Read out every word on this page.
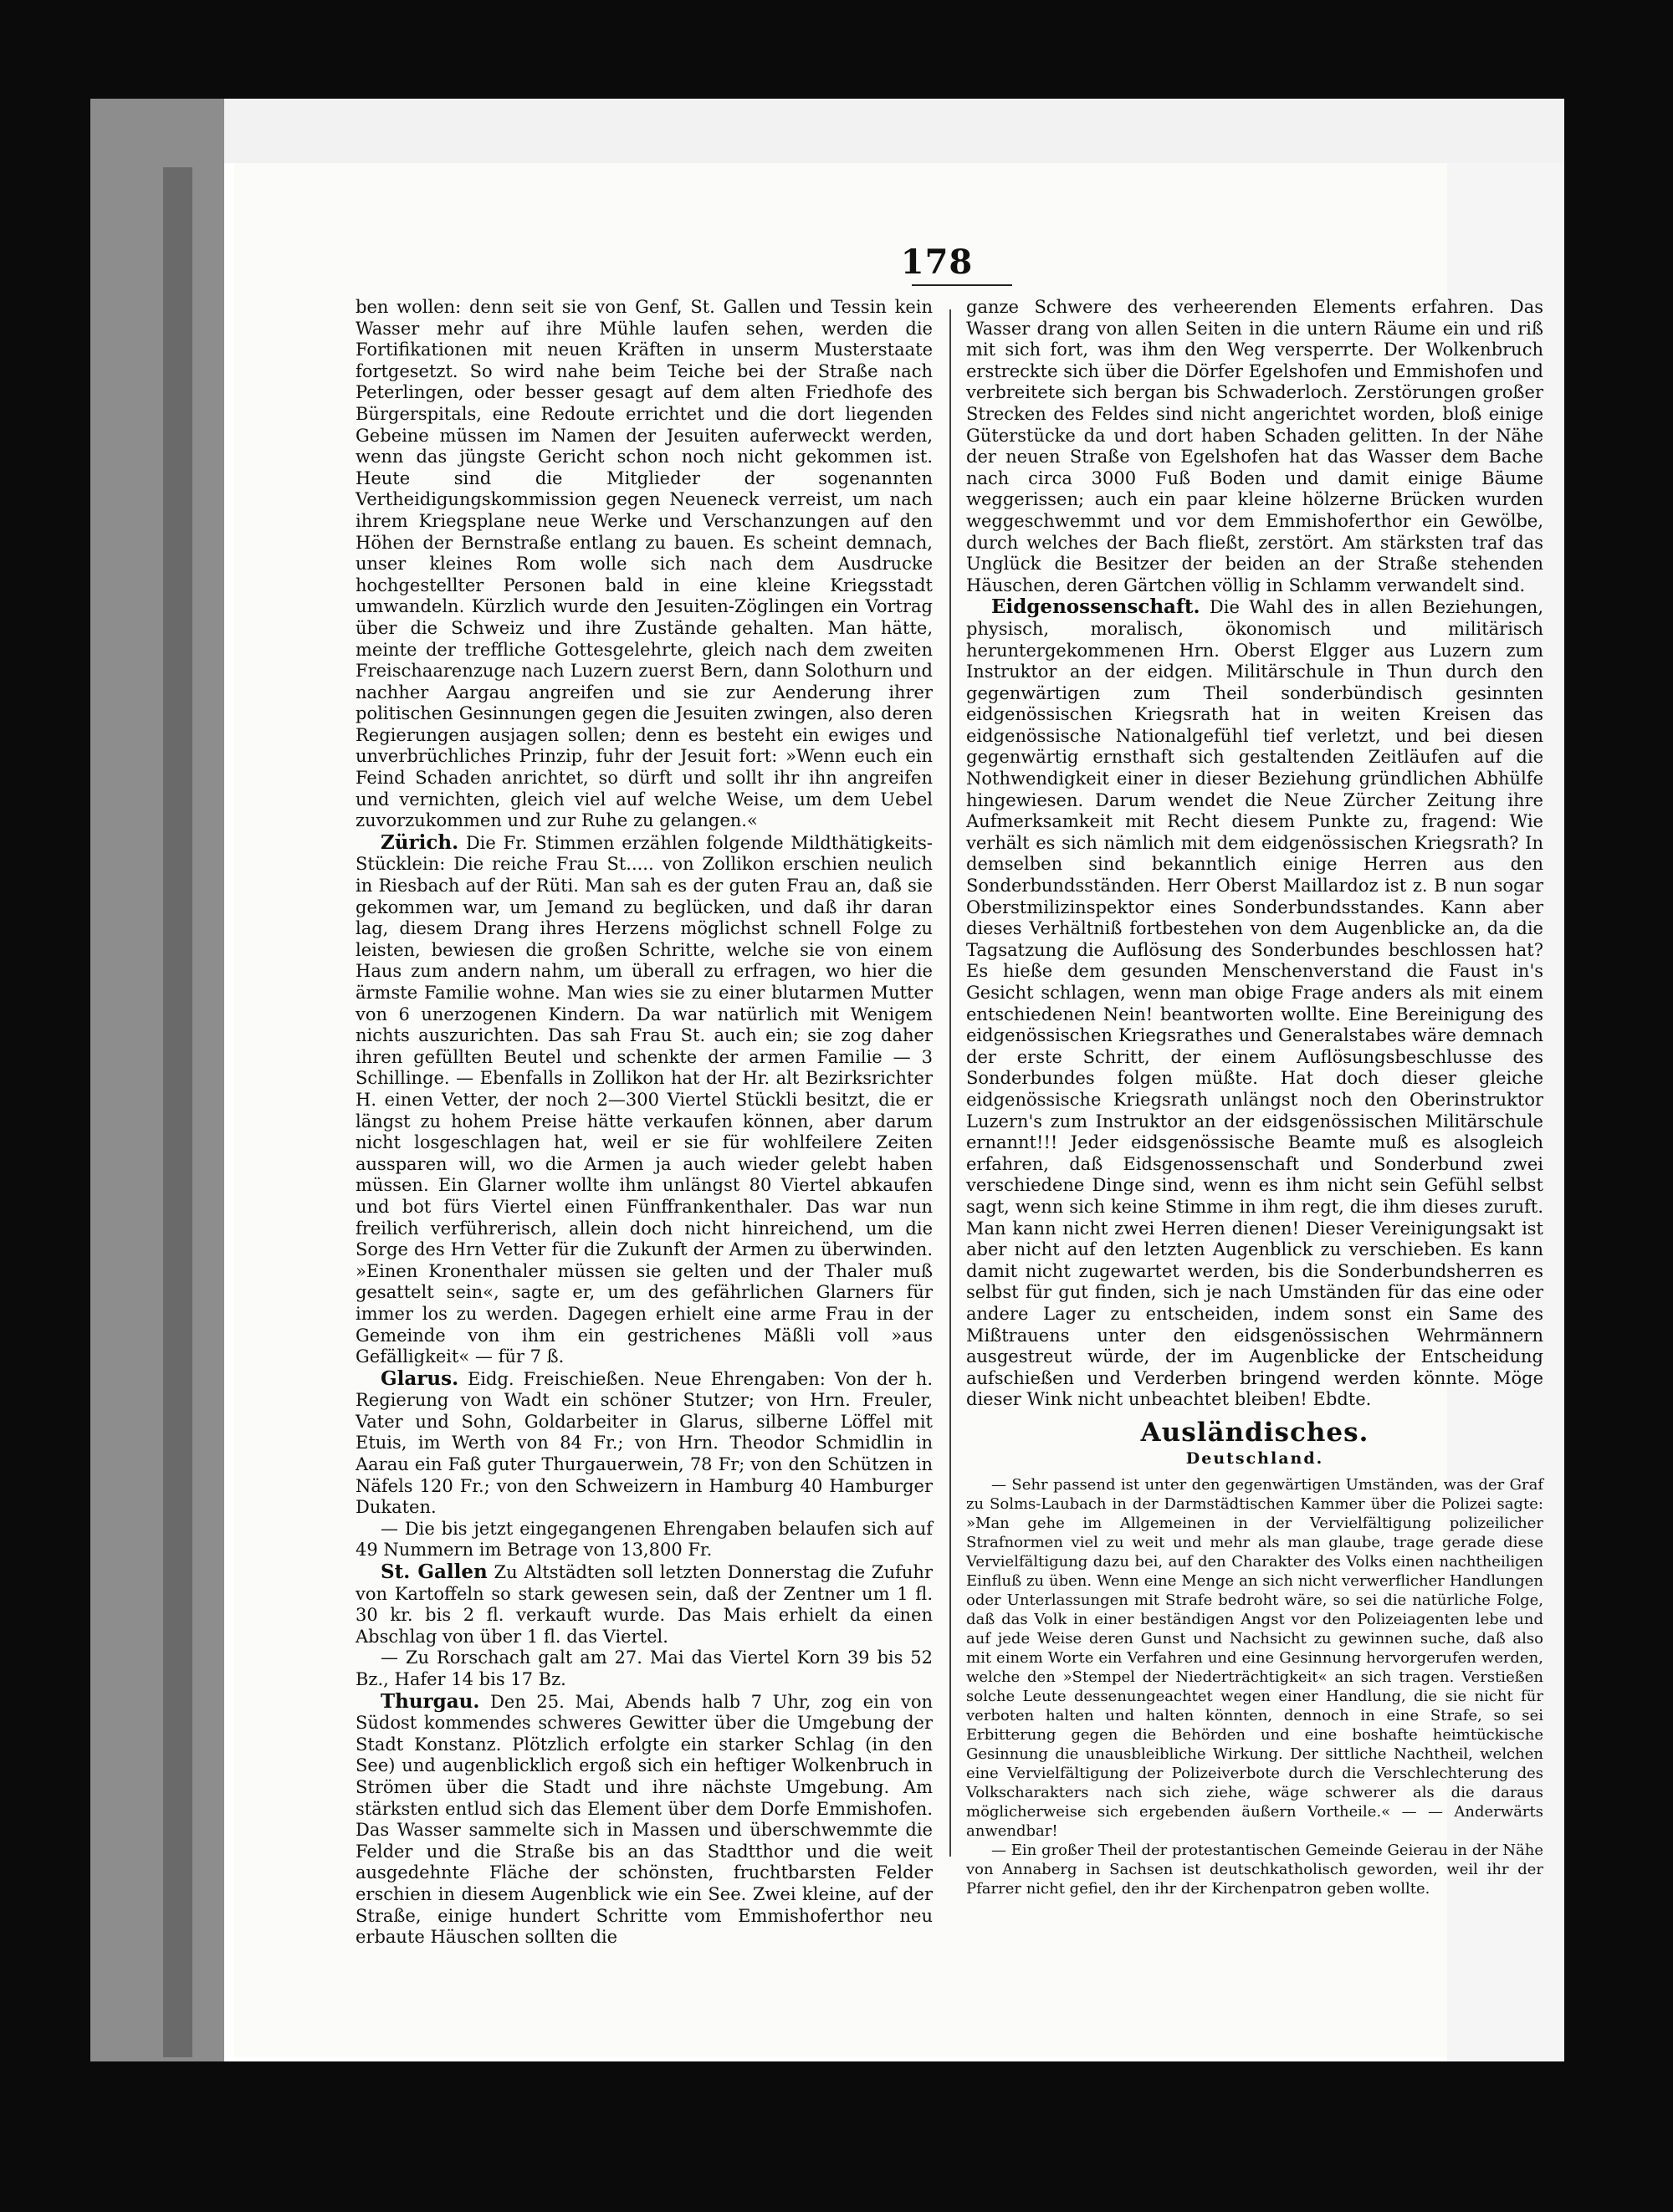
178

ben wollen: denn seit sie von Genf, St. Gallen und Tessin kein Wasser mehr auf ihre Mühle laufen sehen, werden die Fortifikationen mit neuen Kräften in unserm Musterstaate fortgesetzt. So wird nahe beim Teiche bei der Straße nach Peterlingen, oder besser gesagt auf dem alten Friedhofe des Bürgerspitals, eine Redoute errichtet und die dort liegenden Gebeine müssen im Namen der Jesuiten auferweckt werden, wenn das jüngste Gericht schon noch nicht gekommen ist. Heute sind die Mitglieder der sogenannten Vertheidigungskommission gegen Neueneck verreist, um nach ihrem Kriegsplane neue Werke und Verschanzungen auf den Höhen der Bernstraße entlang zu bauen. Es scheint demnach, unser kleines Rom wolle sich nach dem Ausdrucke hochgestellter Personen bald in eine kleine Kriegsstadt umwandeln. Kürzlich wurde den Jesuiten-Zöglingen ein Vortrag über die Schweiz und ihre Zustände gehalten. Man hätte, meinte der treffliche Gottesgelehrte, gleich nach dem zweiten Freischaarenzuge nach Luzern zuerst Bern, dann Solothurn und nachher Aargau angreifen und sie zur Aenderung ihrer politischen Gesinnungen gegen die Jesuiten zwingen, also deren Regierungen ausjagen sollen; denn es besteht ein ewiges und unverbrüchliches Prinzip, fuhr der Jesuit fort: »Wenn euch ein Feind Schaden anrichtet, so dürft und sollt ihr ihn angreifen und vernichten, gleich viel auf welche Weise, um dem Uebel zuvorzukommen und zur Ruhe zu gelangen.«

Zürich. Die Fr. Stimmen erzählen folgende Mildthätigkeits-Stücklein: Die reiche Frau St..... von Zollikon erschien neulich in Riesbach auf der Rüti. Man sah es der guten Frau an, daß sie gekommen war, um Jemand zu beglücken, und daß ihr daran lag, diesem Drang ihres Herzens möglichst schnell Folge zu leisten, bewiesen die großen Schritte, welche sie von einem Haus zum andern nahm, um überall zu erfragen, wo hier die ärmste Familie wohne. Man wies sie zu einer blutarmen Mutter von 6 unerzogenen Kindern. Da war natürlich mit Wenigem nichts auszurichten. Das sah Frau St. auch ein; sie zog daher ihren gefüllten Beutel und schenkte der armen Familie — 3 Schillinge. — Ebenfalls in Zollikon hat der Hr. alt Bezirksrichter H. einen Vetter, der noch 2—300 Viertel Stückli besitzt, die er längst zu hohem Preise hätte verkaufen können, aber darum nicht losgeschlagen hat, weil er sie für wohlfeilere Zeiten aussparen will, wo die Armen ja auch wieder gelebt haben müssen. Ein Glarner wollte ihm unlängst 80 Viertel abkaufen und bot fürs Viertel einen Fünffrankenthaler. Das war nun freilich verführerisch, allein doch nicht hinreichend, um die Sorge des Hrn Vetter für die Zukunft der Armen zu überwinden. »Einen Kronenthaler müssen sie gelten und der Thaler muß gesattelt sein«, sagte er, um des gefährlichen Glarners für immer los zu werden. Dagegen erhielt eine arme Frau in der Gemeinde von ihm ein gestrichenes Mäßli voll »aus Gefälligkeit« — für 7 ß.

Glarus. Eidg. Freischießen. Neue Ehrengaben: Von der h. Regierung von Wadt ein schöner Stutzer; von Hrn. Freuler, Vater und Sohn, Goldarbeiter in Glarus, silberne Löffel mit Etuis, im Werth von 84 Fr.; von Hrn. Theodor Schmidlin in Aarau ein Faß guter Thurgauerwein, 78 Fr; von den Schützen in Näfels 120 Fr.; von den Schweizern in Hamburg 40 Hamburger Dukaten.

— Die bis jetzt eingegangenen Ehrengaben belaufen sich auf 49 Nummern im Betrage von 13,800 Fr.

St. Gallen Zu Altstädten soll letzten Donnerstag die Zufuhr von Kartoffeln so stark gewesen sein, daß der Zentner um 1 fl. 30 kr. bis 2 fl. verkauft wurde. Das Mais erhielt da einen Abschlag von über 1 fl. das Viertel.

— Zu Rorschach galt am 27. Mai das Viertel Korn 39 bis 52 Bz., Hafer 14 bis 17 Bz.

Thurgau. Den 25. Mai, Abends halb 7 Uhr, zog ein von Südost kommendes schweres Gewitter über die Umgebung der Stadt Konstanz. Plötzlich erfolgte ein starker Schlag (in den See) und augenblicklich ergoß sich ein heftiger Wolkenbruch in Strömen über die Stadt und ihre nächste Umgebung. Am stärksten entlud sich das Element über dem Dorfe Emmishofen. Das Wasser sammelte sich in Massen und überschwemmte die Felder und die Straße bis an das Stadtthor und die weit ausgedehnte Fläche der schönsten, fruchtbarsten Felder erschien in diesem Augenblick wie ein See. Zwei kleine, auf der Straße, einige hundert Schritte vom Emmishoferthor neu erbaute Häuschen sollten die

ganze Schwere des verheerenden Elements erfahren. Das Wasser drang von allen Seiten in die untern Räume ein und riß mit sich fort, was ihm den Weg versperrte. Der Wolkenbruch erstreckte sich über die Dörfer Egelshofen und Emmishofen und verbreitete sich bergan bis Schwaderloch. Zerstörungen großer Strecken des Feldes sind nicht angerichtet worden, bloß einige Güterstücke da und dort haben Schaden gelitten. In der Nähe der neuen Straße von Egelshofen hat das Wasser dem Bache nach circa 3000 Fuß Boden und damit einige Bäume weggerissen; auch ein paar kleine hölzerne Brücken wurden weggeschwemmt und vor dem Emmishoferthor ein Gewölbe, durch welches der Bach fließt, zerstört. Am stärksten traf das Unglück die Besitzer der beiden an der Straße stehenden Häuschen, deren Gärtchen völlig in Schlamm verwandelt sind.

Eidgenossenschaft. Die Wahl des in allen Beziehungen, physisch, moralisch, ökonomisch und militärisch heruntergekommenen Hrn. Oberst Elgger aus Luzern zum Instruktor an der eidgen. Militärschule in Thun durch den gegenwärtigen zum Theil sonderbündisch gesinnten eidgenössischen Kriegsrath hat in weiten Kreisen das eidgenössische Nationalgefühl tief verletzt, und bei diesen gegenwärtig ernsthaft sich gestaltenden Zeitläufen auf die Nothwendigkeit einer in dieser Beziehung gründlichen Abhülfe hingewiesen. Darum wendet die Neue Zürcher Zeitung ihre Aufmerksamkeit mit Recht diesem Punkte zu, fragend: Wie verhält es sich nämlich mit dem eidgenössischen Kriegsrath? In demselben sind bekanntlich einige Herren aus den Sonderbundsständen. Herr Oberst Maillardoz ist z. B nun sogar Oberstmilizinspektor eines Sonderbundsstandes. Kann aber dieses Verhältniß fortbestehen von dem Augenblicke an, da die Tagsatzung die Auflösung des Sonderbundes beschlossen hat? Es hieße dem gesunden Menschenverstand die Faust in's Gesicht schlagen, wenn man obige Frage anders als mit einem entschiedenen Nein! beantworten wollte. Eine Bereinigung des eidgenössischen Kriegsrathes und Generalstabes wäre demnach der erste Schritt, der einem Auflösungsbeschlusse des Sonderbundes folgen müßte. Hat doch dieser gleiche eidgenössische Kriegsrath unlängst noch den Oberinstruktor Luzern's zum Instruktor an der eidsgenössischen Militärschule ernannt!!! Jeder eidsgenössische Beamte muß es alsogleich erfahren, daß Eidsgenossenschaft und Sonderbund zwei verschiedene Dinge sind, wenn es ihm nicht sein Gefühl selbst sagt, wenn sich keine Stimme in ihm regt, die ihm dieses zuruft. Man kann nicht zwei Herren dienen! Dieser Vereinigungsakt ist aber nicht auf den letzten Augenblick zu verschieben. Es kann damit nicht zugewartet werden, bis die Sonderbundsherren es selbst für gut finden, sich je nach Umständen für das eine oder andere Lager zu entscheiden, indem sonst ein Same des Mißtrauens unter den eidsgenössischen Wehrmännern ausgestreut würde, der im Augenblicke der Entscheidung aufschießen und Verderben bringend werden könnte. Möge dieser Wink nicht unbeachtet bleiben! Ebdte.

Ausländisches.
Deutschland.

— Sehr passend ist unter den gegenwärtigen Umständen, was der Graf zu Solms-Laubach in der Darmstädtischen Kammer über die Polizei sagte: »Man gehe im Allgemeinen in der Vervielfältigung polizeilicher Strafnormen viel zu weit und mehr als man glaube, trage gerade diese Vervielfältigung dazu bei, auf den Charakter des Volks einen nachtheiligen Einfluß zu üben. Wenn eine Menge an sich nicht verwerflicher Handlungen oder Unterlassungen mit Strafe bedroht wäre, so sei die natürliche Folge, daß das Volk in einer beständigen Angst vor den Polizeiagenten lebe und auf jede Weise deren Gunst und Nachsicht zu gewinnen suche, daß also mit einem Worte ein Verfahren und eine Gesinnung hervorgerufen werden, welche den »Stempel der Niederträchtigkeit« an sich tragen. Verstießen solche Leute dessenungeachtet wegen einer Handlung, die sie nicht für verboten halten und halten könnten, dennoch in eine Strafe, so sei Erbitterung gegen die Behörden und eine boshafte heimtückische Gesinnung die unausbleibliche Wirkung. Der sittliche Nachtheil, welchen eine Vervielfältigung der Polizeiverbote durch die Verschlechterung des Volkscharakters nach sich ziehe, wäge schwerer als die daraus möglicherweise sich ergebenden äußern Vortheile.« — — Anderwärts anwendbar!

— Ein großer Theil der protestantischen Gemeinde Geierau in der Nähe von Annaberg in Sachsen ist deutschkatholisch geworden, weil ihr der Pfarrer nicht gefiel, den ihr der Kirchenpatron geben wollte.
